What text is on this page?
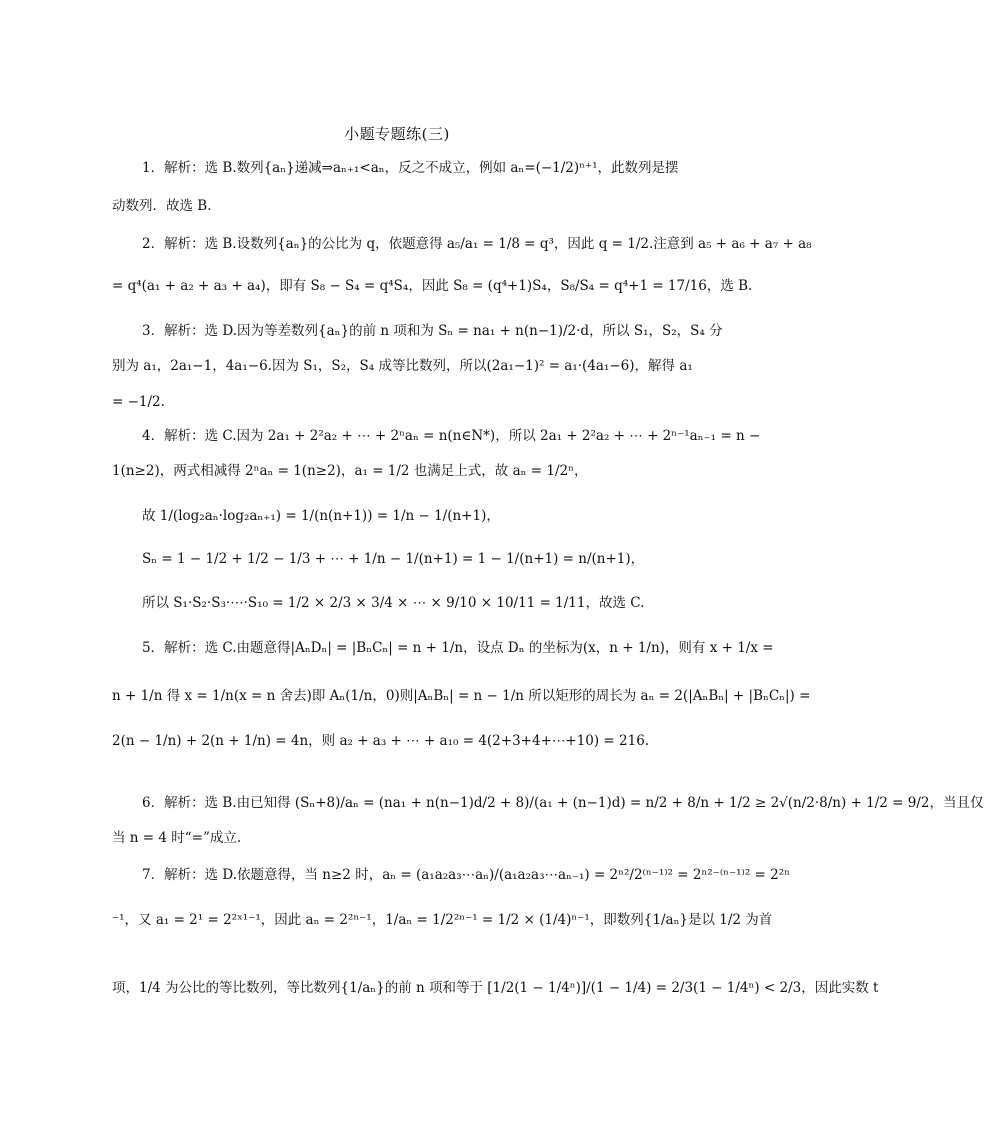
小题专题练(三)
1．解析：选 B.数列{aₙ}递减⇒aₙ₊₁<aₙ，反之不成立，例如 aₙ=(−1/2)ⁿ⁺¹，此数列是摆
动数列．故选 B.
2．解析：选 B.设数列{aₙ}的公比为 q，依题意得 a₅/a₁ = 1/8 = q³，因此 q = 1/2.注意到 a₅ + a₆ + a₇ + a₈
= q⁴(a₁ + a₂ + a₃ + a₄)，即有 S₈ − S₄ = q⁴S₄，因此 S₈ = (q⁴+1)S₄，S₈/S₄ = q⁴+1 = 17/16，选 B.
3．解析：选 D.因为等差数列{aₙ}的前 n 项和为 Sₙ = na₁ + n(n−1)/2·d，所以 S₁，S₂，S₄ 分
别为 a₁，2a₁−1，4a₁−6.因为 S₁，S₂，S₄ 成等比数列，所以(2a₁−1)² = a₁·(4a₁−6)，解得 a₁
= −1/2.
4．解析：选 C.因为 2a₁ + 2²a₂ + ⋯ + 2ⁿaₙ = n(n∈N*)，所以 2a₁ + 2²a₂ + ⋯ + 2ⁿ⁻¹aₙ₋₁ = n −
1(n≥2)，两式相减得 2ⁿaₙ = 1(n≥2)，a₁ = 1/2 也满足上式，故 aₙ = 1/2ⁿ，
故 1/(log₂aₙ·log₂aₙ₊₁) = 1/(n(n+1)) = 1/n − 1/(n+1)，
Sₙ = 1 − 1/2 + 1/2 − 1/3 + ⋯ + 1/n − 1/(n+1) = 1 − 1/(n+1) = n/(n+1)，
所以 S₁·S₂·S₃·⋯·S₁₀ = 1/2 × 2/3 × 3/4 × ⋯ × 9/10 × 10/11 = 1/11，故选 C.
5．解析：选 C.由题意得|AₙDₙ| = |BₙCₙ| = n + 1/n，设点 Dₙ 的坐标为(x，n + 1/n)，则有 x + 1/x =
n + 1/n 得 x = 1/n(x = n 舍去)即 Aₙ(1/n，0)则|AₙBₙ| = n − 1/n 所以矩形的周长为 aₙ = 2(|AₙBₙ| + |BₙCₙ|) =
2(n − 1/n) + 2(n + 1/n) = 4n，则 a₂ + a₃ + ⋯ + a₁₀ = 4(2+3+4+⋯+10) = 216.
6．解析：选 B.由已知得 (Sₙ+8)/aₙ = (na₁ + n(n−1)d/2 + 8)/(a₁ + (n−1)d) = n/2 + 8/n + 1/2 ≥ 2√(n/2·8/n) + 1/2 = 9/2，当且仅
当 n = 4 时“=”成立.
7．解析：选 D.依题意得，当 n≥2 时，aₙ = (a₁a₂a₃⋯aₙ)/(a₁a₂a₃⋯aₙ₋₁) = 2ⁿ²/2⁽ⁿ⁻¹⁾² = 2ⁿ²⁻⁽ⁿ⁻¹⁾² = 2²ⁿ
⁻¹，又 a₁ = 2¹ = 2²ˣ¹⁻¹，因此 aₙ = 2²ⁿ⁻¹，1/aₙ = 1/2²ⁿ⁻¹ = 1/2 × (1/4)ⁿ⁻¹，即数列{1/aₙ}是以 1/2 为首
项，1/4 为公比的等比数列，等比数列{1/aₙ}的前 n 项和等于 [1/2(1 − 1/4ⁿ)]/(1 − 1/4) = 2/3(1 − 1/4ⁿ) < 2/3，因此实数 t
